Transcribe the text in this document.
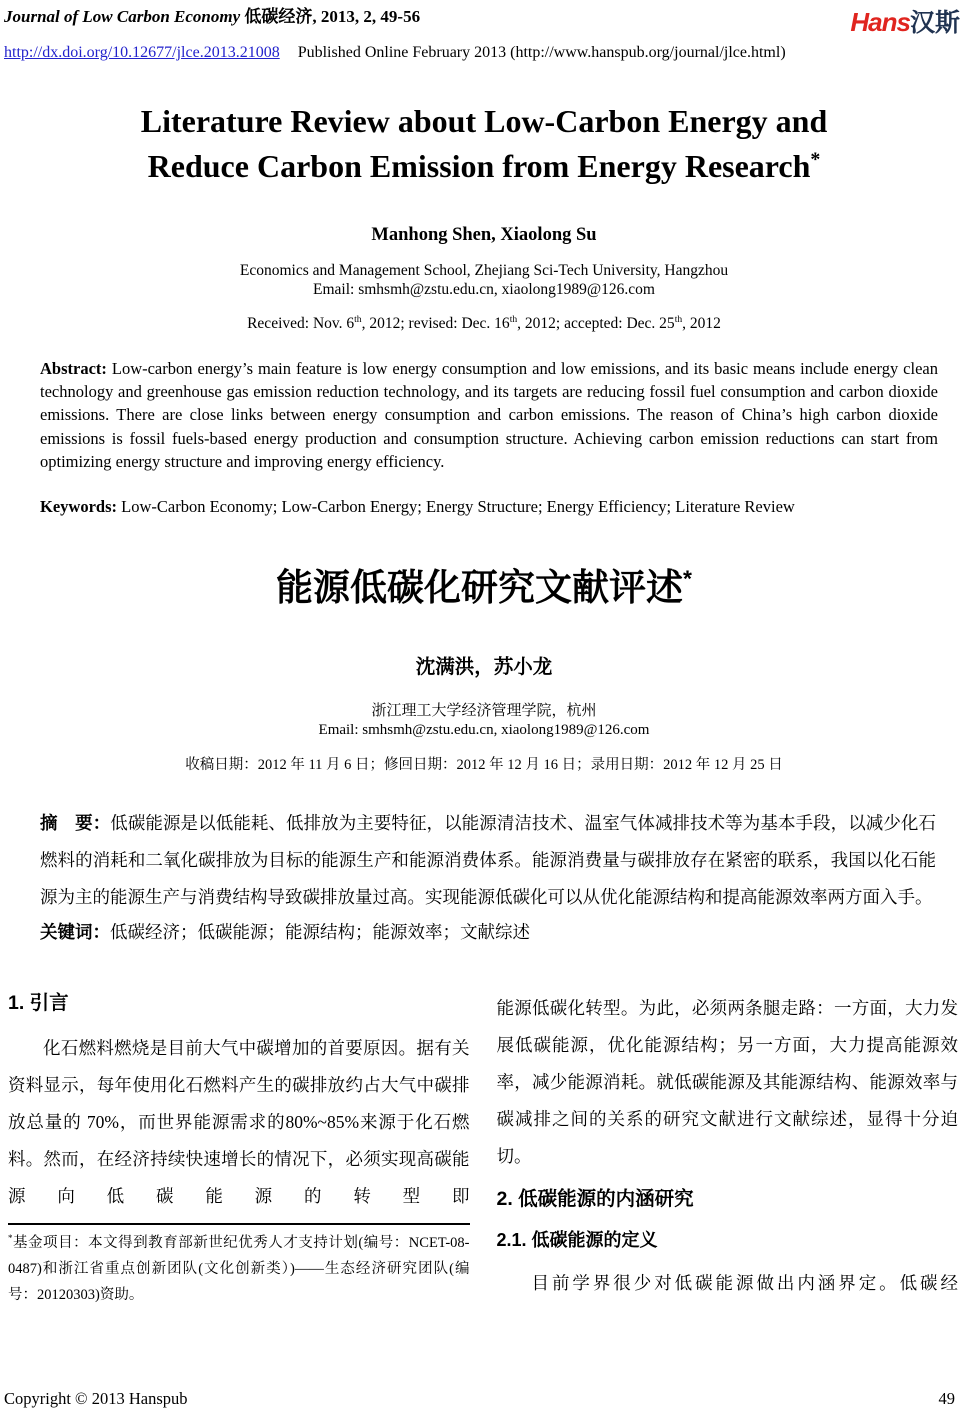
Journal of Low Carbon Economy 低碳经济, 2013, 2, 49-56	Hans汉斯
http://dx.doi.org/10.12677/jlce.2013.21008 Published Online February 2013 (http://www.hanspub.org/journal/jlce.html)
Literature Review about Low-Carbon Energy and
Reduce Carbon Emission from Energy Research*
Manhong Shen, Xiaolong Su
Economics and Management School, Zhejiang Sci-Tech University, Hangzhou
Email: smhsmh@zstu.edu.cn, xiaolong1989@126.com
Received: Nov. 6th, 2012; revised: Dec. 16th, 2012; accepted: Dec. 25th, 2012
Abstract: Low-carbon energy’s main feature is low energy consumption and low emissions, and its basic means include energy clean technology and greenhouse gas emission reduction technology, and its targets are reducing fossil fuel consumption and carbon dioxide emissions. There are close links between energy consumption and carbon emissions. The reason of China’s high carbon dioxide emissions is fossil fuels-based energy production and consumption structure. Achieving carbon emission reductions can start from optimizing energy structure and improving energy efficiency.
Keywords: Low-Carbon Economy; Low-Carbon Energy; Energy Structure; Energy Efficiency; Literature Review
能源低碳化研究文献评述*
沈满洪，苏小龙
浙江理工大学经济管理学院，杭州
Email: smhsmh@zstu.edu.cn, xiaolong1989@126.com
收稿日期：2012 年 11 月 6 日；修回日期：2012 年 12 月 16 日；录用日期：2012 年 12 月 25 日
摘　要：低碳能源是以低能耗、低排放为主要特征，以能源清洁技术、温室气体减排技术等为基本手段，以减少化石燃料的消耗和二氧化碳排放为目标的能源生产和能源消费体系。能源消费量与碳排放存在紧密的联系，我国以化石能源为主的能源生产与消费结构导致碳排放量过高。实现能源低碳化可以从优化能源结构和提高能源效率两方面入手。
关键词：低碳经济；低碳能源；能源结构；能源效率；文献综述
1. 引言

化石燃料燃烧是目前大气中碳增加的首要原因。据有关资料显示，每年使用化石燃料产生的碳排放约占大气中碳排放总量的 70%，而世界能源需求的80%~85%来源于化石燃料。然而，在经济持续快速增长的情况下，必须实现高碳能源向低碳能源的转型即

*基金项目：本文得到教育部新世纪优秀人才支持计划(编号：NCET-08-0487)和浙江省重点创新团队(文化创新类）)——生态经济研究团队(编号：20120303)资助。

能源低碳化转型。为此，必须两条腿走路：一方面，大力发展低碳能源，优化能源结构；另一方面，大力提高能源效率，减少能源消耗。就低碳能源及其能源结构、能源效率与碳减排之间的关系的研究文献进行文献综述，显得十分迫切。

2. 低碳能源的内涵研究
2.1. 低碳能源的定义

目前学界很少对低碳能源做出内涵界定。低碳经

Copyright © 2013 Hanspub	49
